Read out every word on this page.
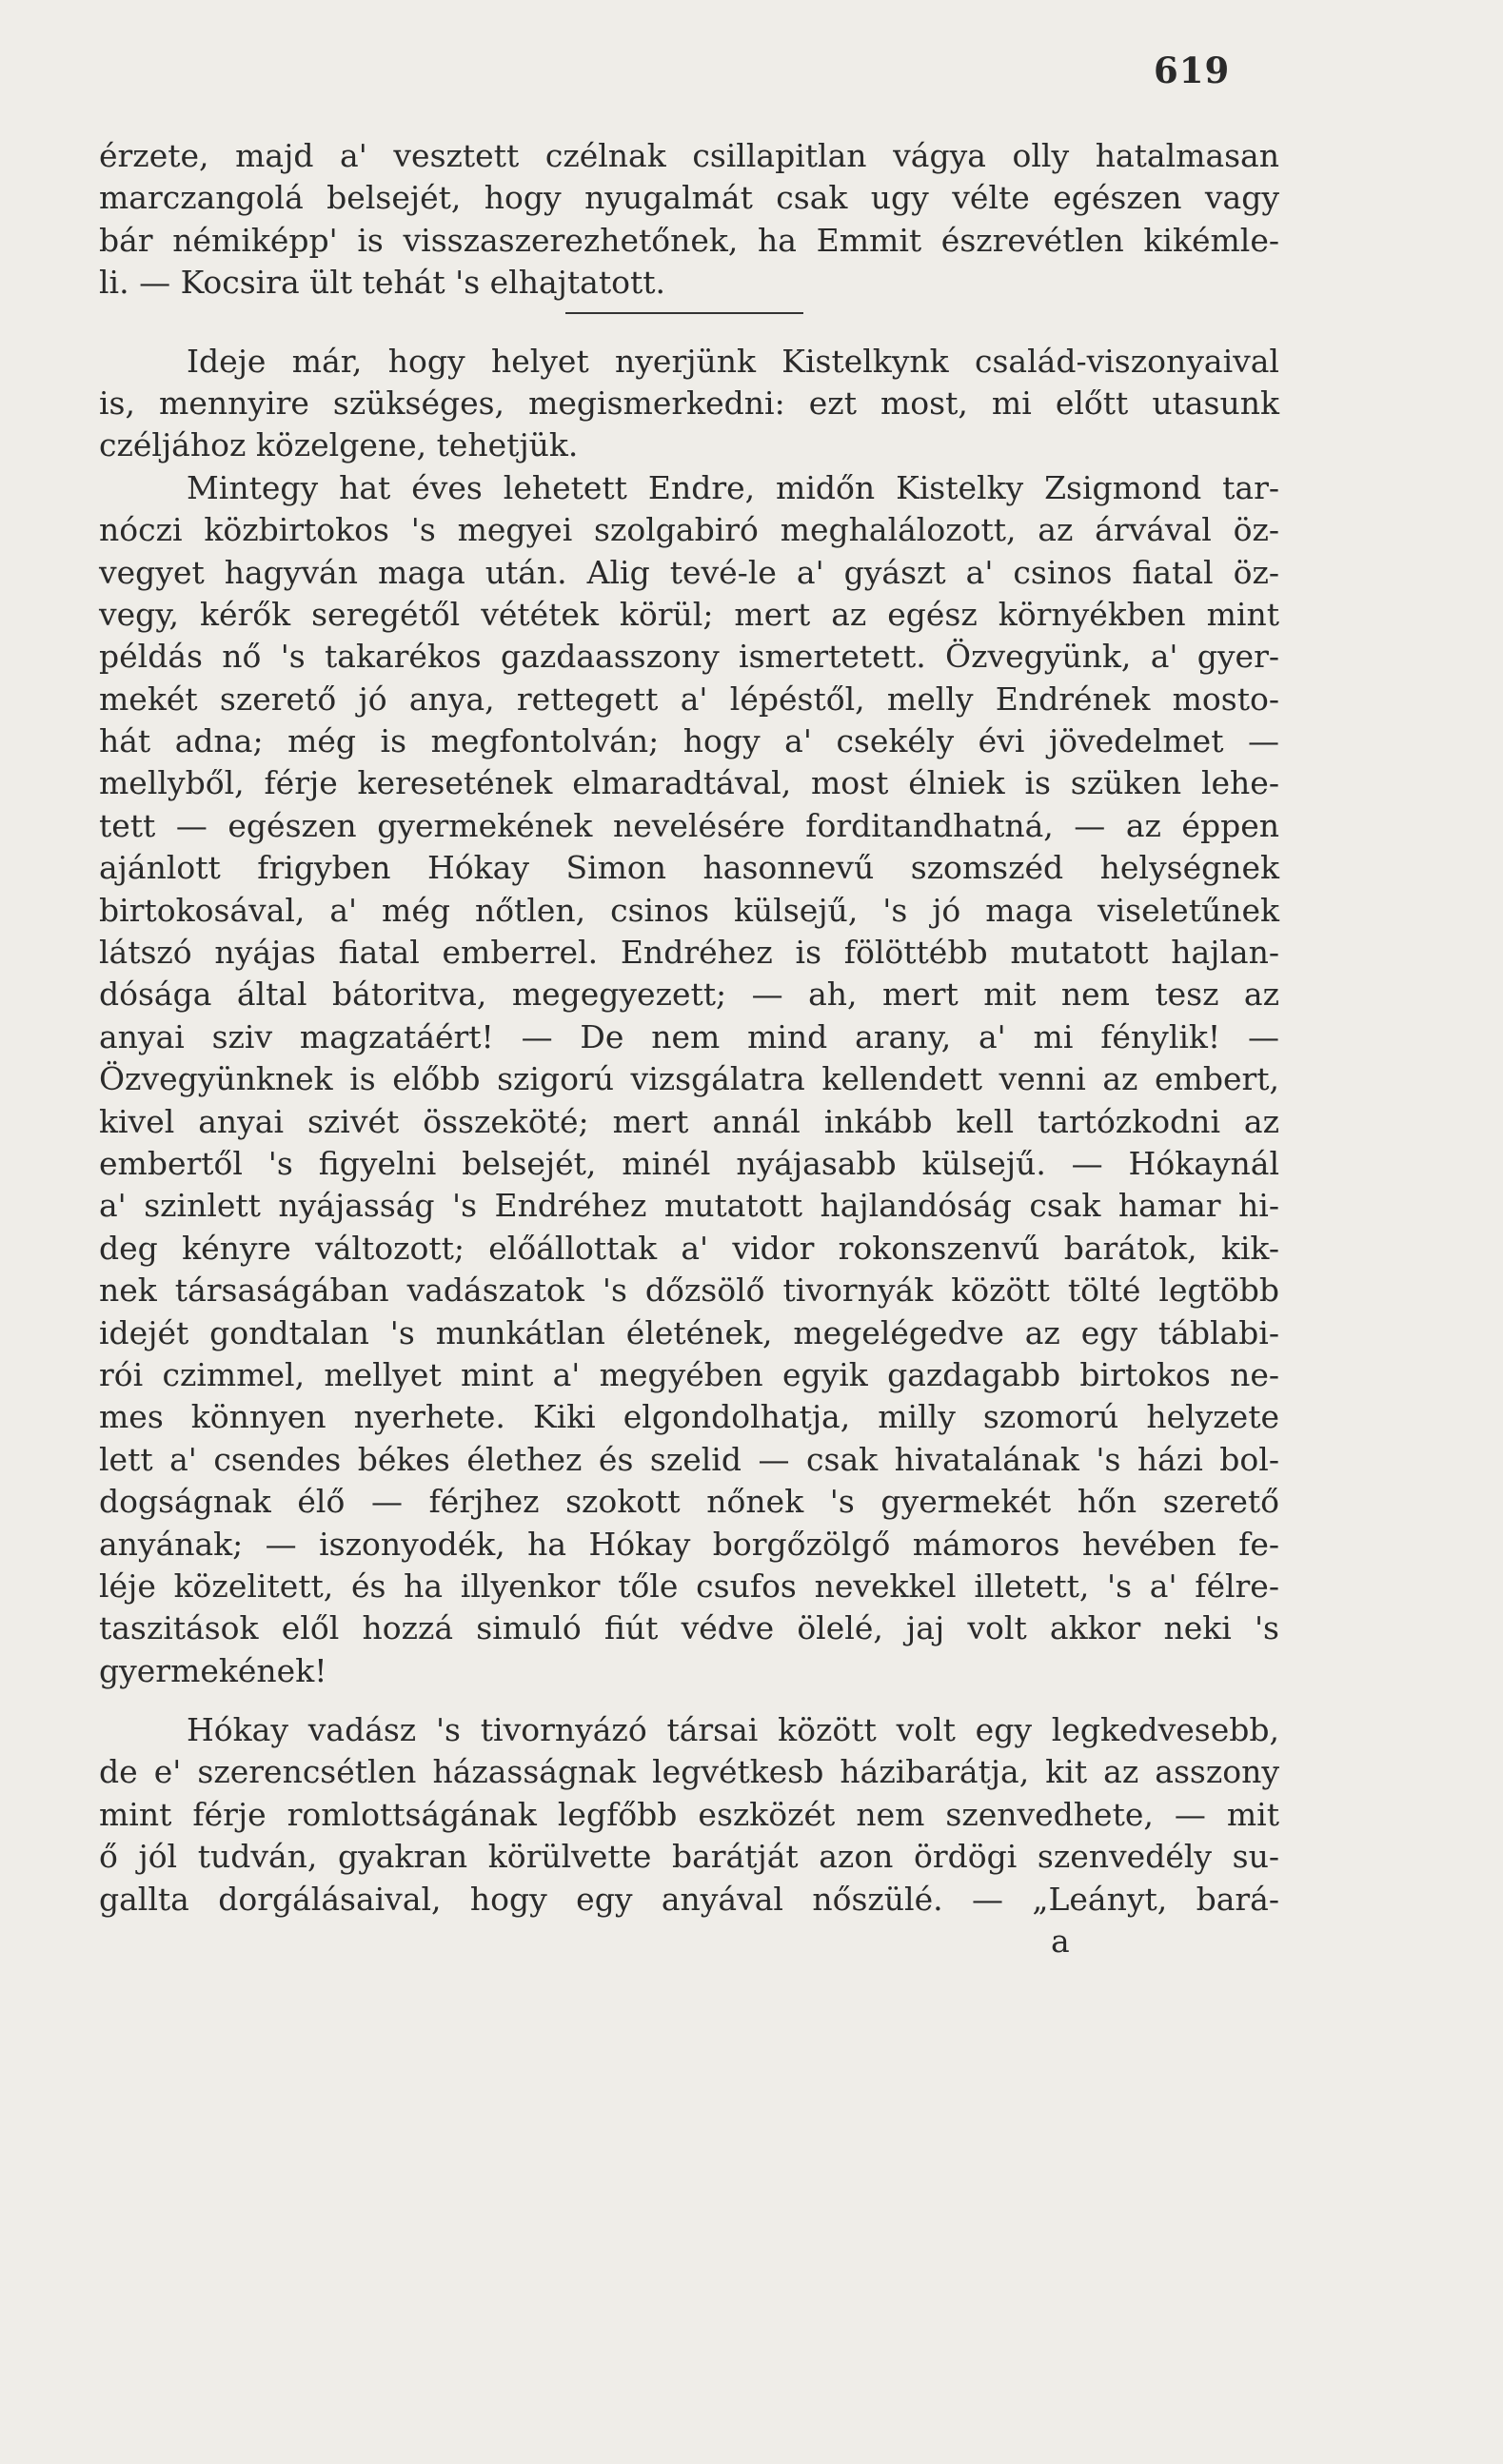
619
érzete, majd a' vesztett czélnak csillapitlan vágya olly hatalmasan
marczangolá belsejét, hogy nyugalmát csak ugy vélte egészen vagy
bár némiképp' is visszaszerezhetőnek, ha Emmit észrevétlen kikémle-
li. — Kocsira ült tehát 's elhajtatott.
Ideje már, hogy helyet nyerjünk Kistelkynk család-viszonyaival
is, mennyire szükséges, megismerkedni: ezt most, mi előtt utasunk
czéljához közelgene, tehetjük.
Mintegy hat éves lehetett Endre, midőn Kistelky Zsigmond tar-
nóczi közbirtokos 's megyei szolgabiró meghalálozott, az árvával öz-
vegyet hagyván maga után. Alig tevé-le a' gyászt a' csinos fiatal öz-
vegy, kérők seregétől vététek körül; mert az egész környékben mint
példás nő 's takarékos gazdaasszony ismertetett. Özvegyünk, a' gyer-
mekét szerető jó anya, rettegett a' lépéstől, melly Endrének mosto-
hát adna; még is megfontolván; hogy a' csekély évi jövedelmet —
mellyből, férje keresetének elmaradtával, most élniek is szüken lehe-
tett — egészen gyermekének nevelésére forditandhatná, — az éppen
ajánlott frigyben Hókay Simon hasonnevű szomszéd helységnek
birtokosával, a' még nőtlen, csinos külsejű, 's jó maga viseletűnek
látszó nyájas fiatal emberrel. Endréhez is fölöttébb mutatott hajlan-
dósága által bátoritva, megegyezett; — ah, mert mit nem tesz az
anyai sziv magzatáért! — De nem mind arany, a' mi fénylik! —
Özvegyünknek is előbb szigorú vizsgálatra kellendett venni az embert,
kivel anyai szivét összeköté; mert annál inkább kell tartózkodni az
embertől 's figyelni belsejét, minél nyájasabb külsejű. — Hókaynál
a' szinlett nyájasság 's Endréhez mutatott hajlandóság csak hamar hi-
deg kényre változott; előállottak a' vidor rokonszenvű barátok, kik-
nek társaságában vadászatok 's dőzsölő tivornyák között tölté legtöbb
idejét gondtalan 's munkátlan életének, megelégedve az egy táblabi-
rói czimmel, mellyet mint a' megyében egyik gazdagabb birtokos ne-
mes könnyen nyerhete. Kiki elgondolhatja, milly szomorú helyzete
lett a' csendes békes élethez és szelid — csak hivatalának 's házi bol-
dogságnak élő — férjhez szokott nőnek 's gyermekét hőn szerető
anyának; — iszonyodék, ha Hókay borgőzölgő mámoros hevében fe-
léje közelitett, és ha illyenkor tőle csufos nevekkel illetett, 's a' félre-
taszitások elől hozzá simuló fiút védve ölelé, jaj volt akkor neki 's
gyermekének!
Hókay vadász 's tivornyázó társai között volt egy legkedvesebb,
de e' szerencsétlen házasságnak legvétkesb házibarátja, kit az asszony
mint férje romlottságának legfőbb eszközét nem szenvedhete, — mit
ő jól tudván, gyakran körülvette barátját azon ördögi szenvedély su-
gallta dorgálásaival, hogy egy anyával nőszülé. — „Leányt, bará-
a
